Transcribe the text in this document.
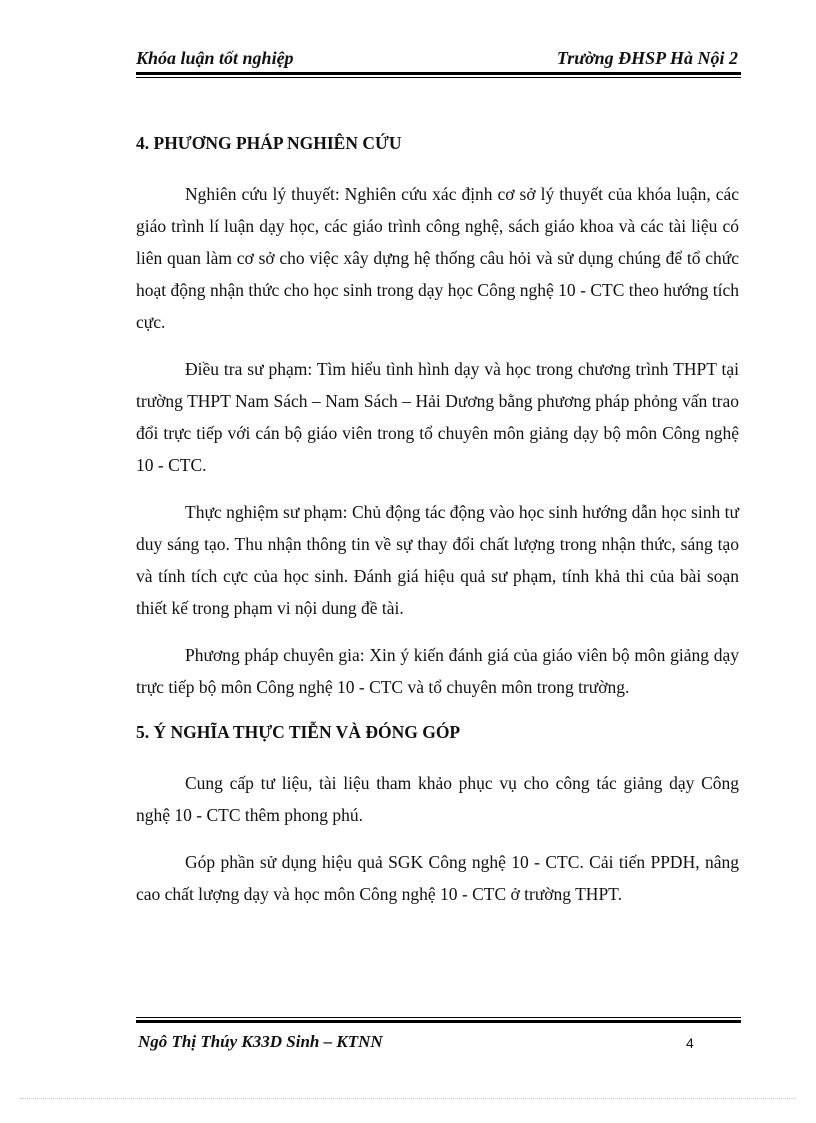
Khóa luận tốt nghiệp	Trường ĐHSP Hà Nội 2
4. PHƯƠNG PHÁP NGHIÊN CỨU

Nghiên cứu lý thuyết: Nghiên cứu xác định cơ sở lý thuyết của khóa luận, các giáo trình lí luận dạy học, các giáo trình công nghệ, sách giáo khoa và các tài liệu có liên quan làm cơ sở cho việc xây dựng hệ thống câu hỏi và sử dụng chúng để tổ chức hoạt động nhận thức cho học sinh trong dạy học Công nghệ 10 - CTC theo hướng tích cực.

Điều tra sư phạm: Tìm hiểu tình hình dạy và học trong chương trình THPT tại trường THPT Nam Sách – Nam Sách – Hải Dương bằng phương pháp phỏng vấn trao đổi trực tiếp với cán bộ giáo viên trong tổ chuyên môn giảng dạy bộ môn Công nghệ 10 - CTC.

Thực nghiệm sư phạm: Chủ động tác động vào học sinh hướng dẫn học sinh tư duy sáng tạo. Thu nhận thông tin về sự thay đổi chất lượng trong nhận thức, sáng tạo và tính tích cực của học sinh. Đánh giá hiệu quả sư phạm, tính khả thi của bài soạn thiết kế trong phạm vi nội dung đề tài.

Phương pháp chuyên gia: Xin ý kiến đánh giá của giáo viên bộ môn giảng dạy trực tiếp bộ môn Công nghệ 10 - CTC và tổ chuyên môn trong trường.

5. Ý NGHĨA THỰC TIỄN VÀ ĐÓNG GÓP

Cung cấp tư liệu, tài liệu tham khảo phục vụ cho công tác giảng dạy Công nghệ 10 - CTC thêm phong phú.

Góp phần sử dụng hiệu quả SGK Công nghệ 10 - CTC. Cải tiến PPDH, nâng cao chất lượng dạy và học môn Công nghệ 10 - CTC ở trường THPT.

Ngô Thị Thúy K33D Sinh – KTNN	4
